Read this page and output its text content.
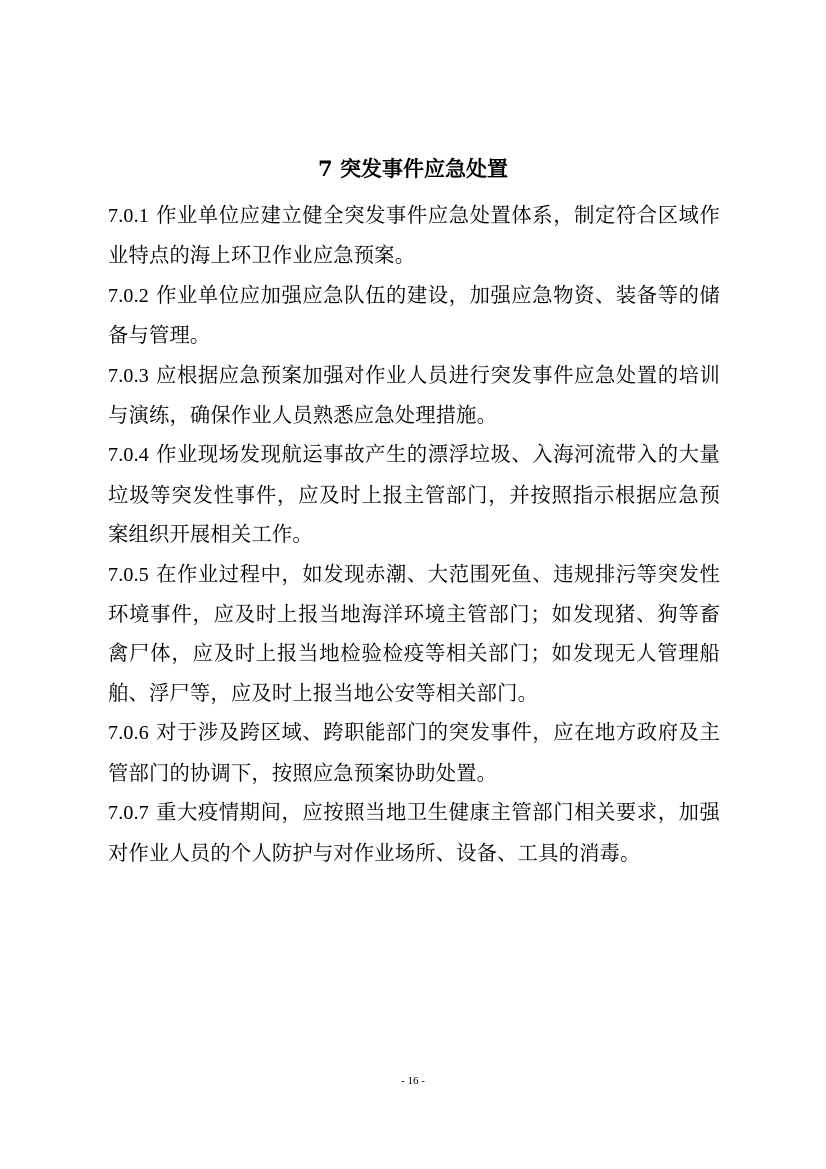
7 突发事件应急处置

7.0.1 作业单位应建立健全突发事件应急处置体系，制定符合区域作业特点的海上环卫作业应急预案。

7.0.2 作业单位应加强应急队伍的建设，加强应急物资、装备等的储备与管理。

7.0.3 应根据应急预案加强对作业人员进行突发事件应急处置的培训与演练，确保作业人员熟悉应急处理措施。

7.0.4 作业现场发现航运事故产生的漂浮垃圾、入海河流带入的大量垃圾等突发性事件，应及时上报主管部门，并按照指示根据应急预案组织开展相关工作。

7.0.5 在作业过程中，如发现赤潮、大范围死鱼、违规排污等突发性环境事件，应及时上报当地海洋环境主管部门；如发现猪、狗等畜禽尸体，应及时上报当地检验检疫等相关部门；如发现无人管理船舶、浮尸等，应及时上报当地公安等相关部门。

7.0.6 对于涉及跨区域、跨职能部门的突发事件，应在地方政府及主管部门的协调下，按照应急预案协助处置。

7.0.7 重大疫情期间，应按照当地卫生健康主管部门相关要求，加强对作业人员的个人防护与对作业场所、设备、工具的消毒。

- 16 -
